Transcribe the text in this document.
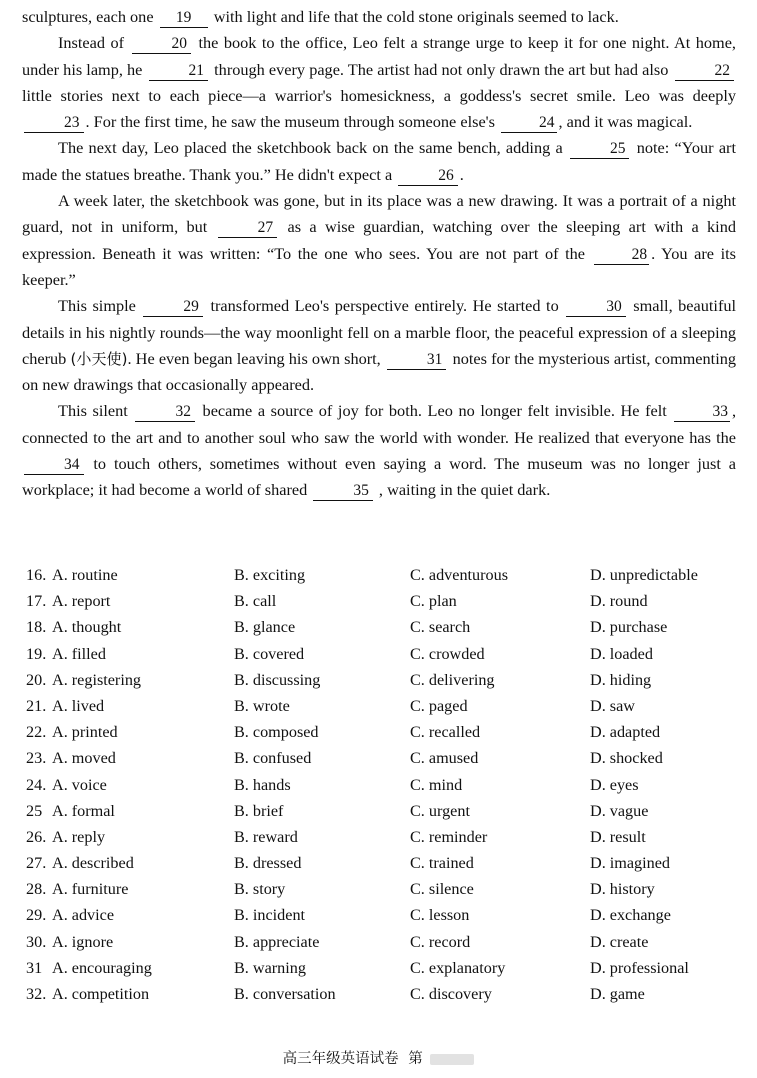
sculptures, each one 19 with light and life that the cold stone originals seemed to lack.

Instead of	20 the book to the office, Leo felt a strange urge to keep it for one night. At home, under his lamp, he	21 through every page. The artist had not only drawn the art but had also	22 little stories next to each piece—a warrior's homesickness, a goddess's secret smile. Leo was deeply 23 . For the first time, he saw the museum through someone else's	24 , and it was magical.

The next day, Leo placed the sketchbook back on the same bench, adding a	25 note: “Your art made the statues breathe. Thank you.” He didn't expect a	26 .

A week later, the sketchbook was gone, but in its place was a new drawing. It was a portrait of a night guard, not in uniform, but	27 as a wise guardian, watching over the sleeping art with a kind expression. Beneath it was written: “To the one who sees. You are not part of the	28 . You are its keeper.”

This simple	29 transformed Leo's perspective entirely. He started to	30 small, beautiful details in his nightly rounds—the way moonlight fell on a marble floor, the peaceful expression of a sleeping cherub (小天使). He even began leaving his own short,	31 notes for the mysterious artist, commenting on new drawings that occasionally appeared.

This silent	32 became a source of joy for both. Leo no longer felt invisible. He felt	33 , connected to the art and to another soul who saw the world with wonder. He realized that everyone has the 34 to touch others, sometimes without even saying a word. The museum was no longer just a workplace; it had become a world of shared	35 , waiting in the quiet dark.

16. A. routine	B. exciting	C. adventurous	D. unpredictable
17. A. report	B. call	C. plan	D. round
18. A. thought	B. glance	C. search	D. purchase
19. A. filled	B. covered	C. crowded	D. loaded
20. A. registering	B. discussing	C. delivering	D. hiding
21. A. lived	B. wrote	C. paged	D. saw
22. A. printed	B. composed	C. recalled	D. adapted
23. A. moved	B. confused	C. amused	D. shocked
24. A. voice	B. hands	C. mind	D. eyes
25 A. formal	B. brief	C. urgent	D. vague
26. A. reply	B. reward	C. reminder	D. result
27. A. described	B. dressed	C. trained	D. imagined
28. A. furniture	B. story	C. silence	D. history
29. A. advice	B. incident	C. lesson	D. exchange
30. A. ignore	B. appreciate	C. record	D. create
31 A. encouraging	B. warning	C. explanatory	D. professional
32. A. competition	B. conversation	C. discovery	D. game
高三年级英语试卷 第
